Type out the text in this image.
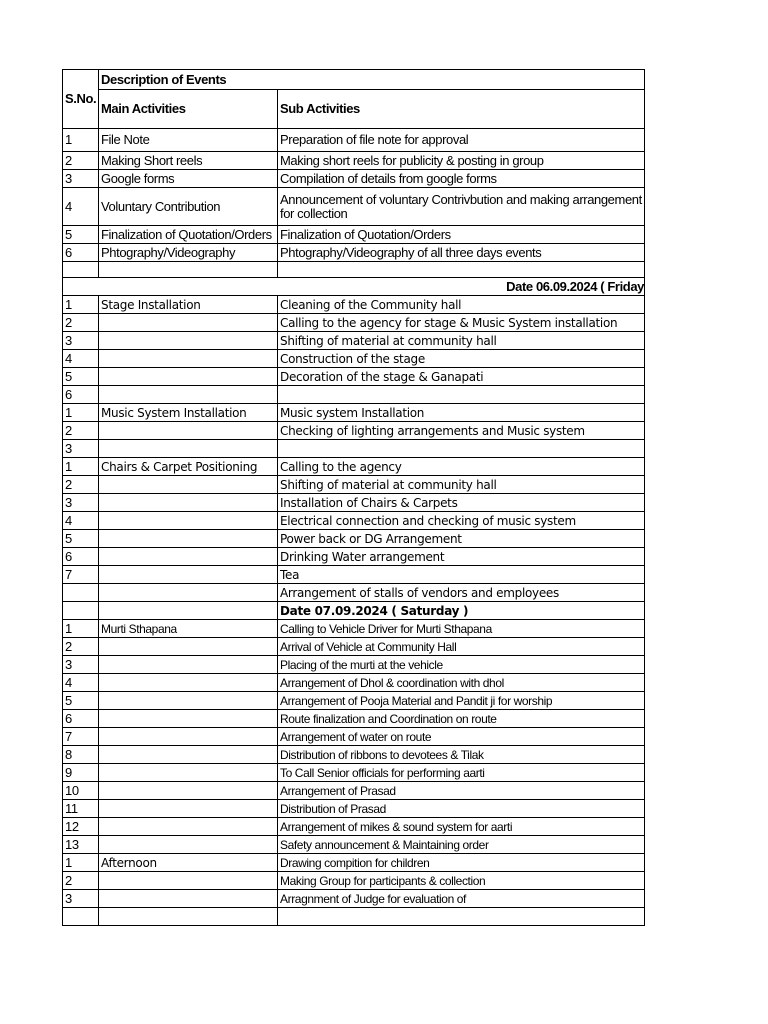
S.No.	Description of Events	
	Main Activities	Sub Activities
1	File Note	Preparation of file note for approval
2	Making Short reels	Making short reels for publicity & posting in group
3	Google forms	Compilation of details from google forms
4	Voluntary Contribution	Announcement of voluntary Contrivbution and making arrangement for collection
5	Finalization of Quotation/Orders	Finalization of Quotation/Orders
6	Phtography/Videography	Phtography/Videography of all three days events

Date 06.09.2024 ( Friday		
1	Stage Installation	Cleaning of the Community hall
2		Calling to the agency for stage & Music System installation
3		Shifting of material at community hall
4		Construction of the stage
5		Decoration of the stage & Ganapati
6		
1	Music System Installation	Music system Installation
2		Checking of lighting arrangements and Music system
3		
1	Chairs & Carpet Positioning	Calling to the agency
2		Shifting of material at community hall
3		Installation of Chairs & Carpets
4		Electrical connection and checking of music system
5		Power back or DG Arrangement
6		Drinking Water arrangement
7		Tea
		Arrangement of stalls of vendors and employees
		Date 07.09.2024 ( Saturday )
1	Murti Sthapana	Calling to Vehicle Driver for Murti Sthapana
2		Arrival of Vehicle at Community Hall
3		Placing of the murti at the vehicle
4		Arrangement of Dhol & coordination with dhol
5		Arrangement of Pooja Material and Pandit ji for worship
6		Route finalization and Coordination on route
7		Arrangement of water on route
8		Distribution of ribbons to devotees & Tilak
9		To Call Senior officials for performing aarti
10		Arrangement of Prasad
11		Distribution of Prasad
12		Arrangement of mikes & sound system for aarti
13		Safety announcement & Maintaining order
1	Afternoon	Drawing compition for children
2		Making Group for participants & collection
3		Arragnment of Judge for evaluation of
